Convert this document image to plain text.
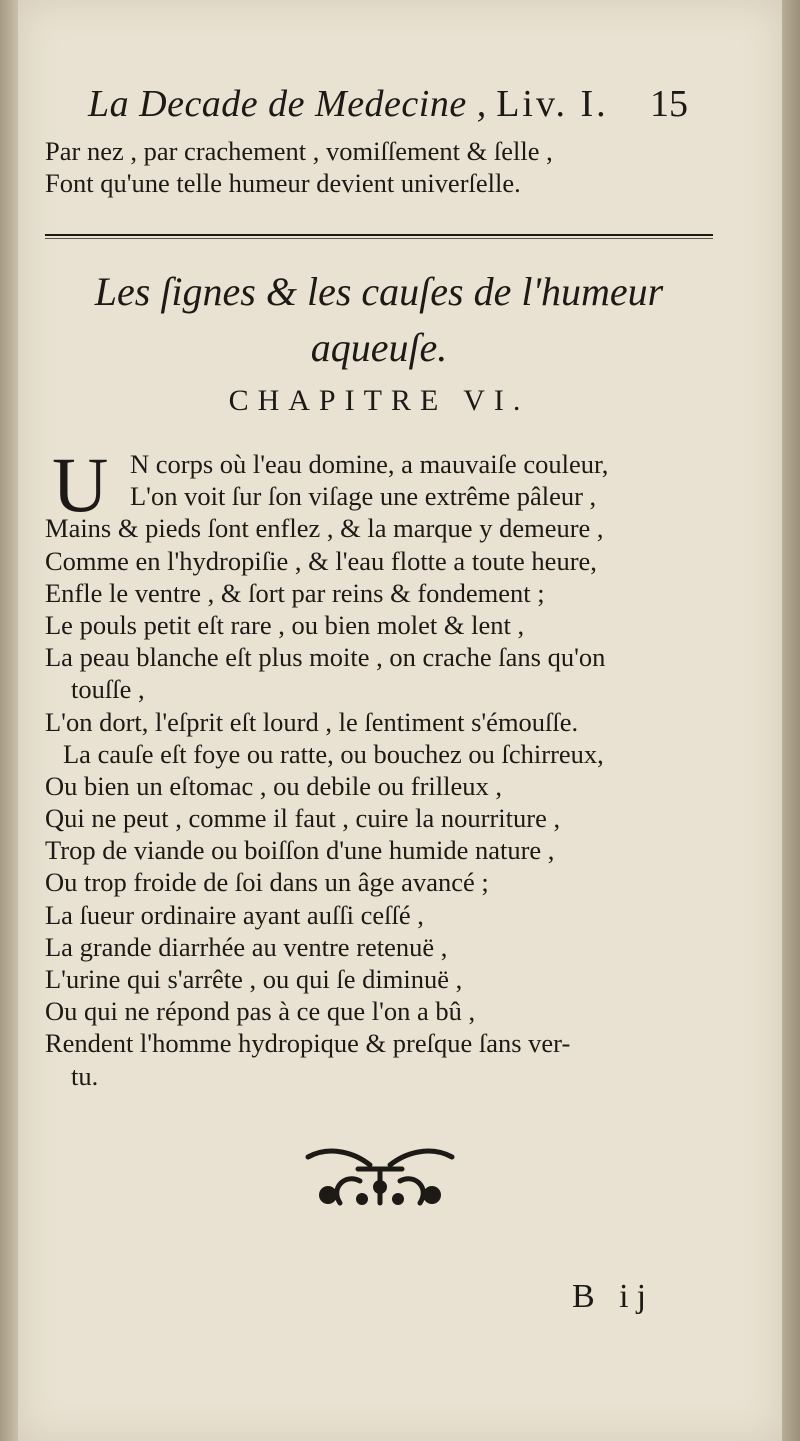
La Decade de Medecine , Liv. I. 15
Par nez , par crachement , vomiſſement & ſelle ,
Font qu'une telle humeur devient univerſelle.
Les ſignes & les cauſes de l'humeur
aqueuſe.
CHAPITRE VI.
U N corps où l'eau domine, a mauvaiſe couleur,
L'on voit ſur ſon viſage une extrême pâleur ,
Mains & pieds ſont enflez , & la marque y demeure ,
Comme en l'hydropiſie , & l'eau flotte a toute heure,
Enfle le ventre , & ſort par reins & fondement ;
Le pouls petit eſt rare , ou bien molet & lent ,
La peau blanche eſt plus moite , on crache ſans qu'on
touſſe ,
L'on dort, l'eſprit eſt lourd , le ſentiment s'émouſſe.
La cauſe eſt foye ou ratte, ou bouchez ou ſchirreux,
Ou bien un eſtomac , ou debile ou frilleux ,
Qui ne peut , comme il faut , cuire la nourriture ,
Trop de viande ou boiſſon d'une humide nature ,
Ou trop froide de ſoi dans un âge avancé ;
La ſueur ordinaire ayant auſſi ceſſé ,
La grande diarrhée au ventre retenuë ,
L'urine qui s'arrête , ou qui ſe diminuë ,
Ou qui ne répond pas à ce que l'on a bû ,
Rendent l'homme hydropique & preſque ſans ver-
tu.
B ij
